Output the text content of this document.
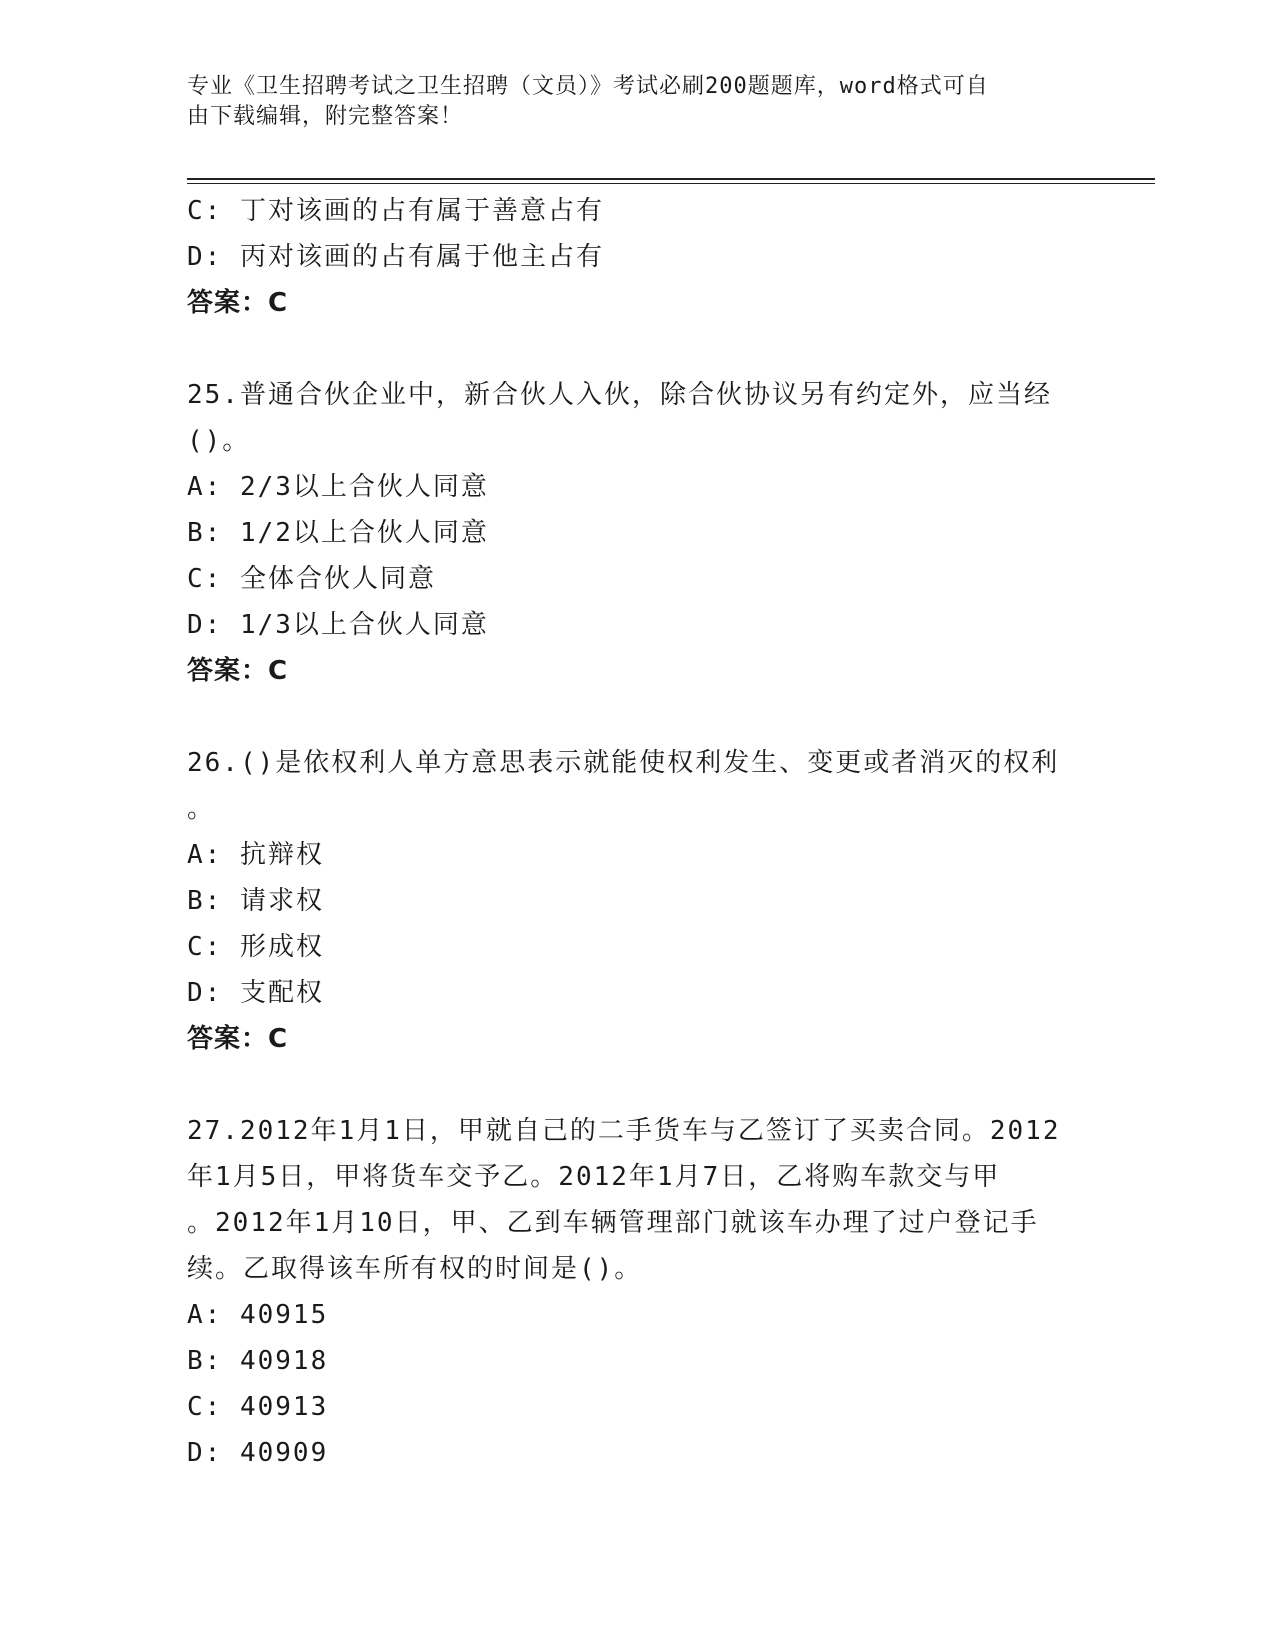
专业《卫生招聘考试之卫生招聘（文员）》考试必刷200题题库，word格式可自
由下载编辑，附完整答案！
C: 丁对该画的占有属于善意占有
D: 丙对该画的占有属于他主占有
答案：C
25.普通合伙企业中，新合伙人入伙，除合伙协议另有约定外，应当经
()。
A: 2/3以上合伙人同意
B: 1/2以上合伙人同意
C: 全体合伙人同意
D: 1/3以上合伙人同意
答案：C
26.()是依权利人单方意思表示就能使权利发生、变更或者消灭的权利
。
A: 抗辩权
B: 请求权
C: 形成权
D: 支配权
答案：C
27.2012年1月1日，甲就自己的二手货车与乙签订了买卖合同。2012
年1月5日，甲将货车交予乙。2012年1月7日，乙将购车款交与甲
。2012年1月10日，甲、乙到车辆管理部门就该车办理了过户登记手
续。乙取得该车所有权的时间是()。
A: 40915
B: 40918
C: 40913
D: 40909
